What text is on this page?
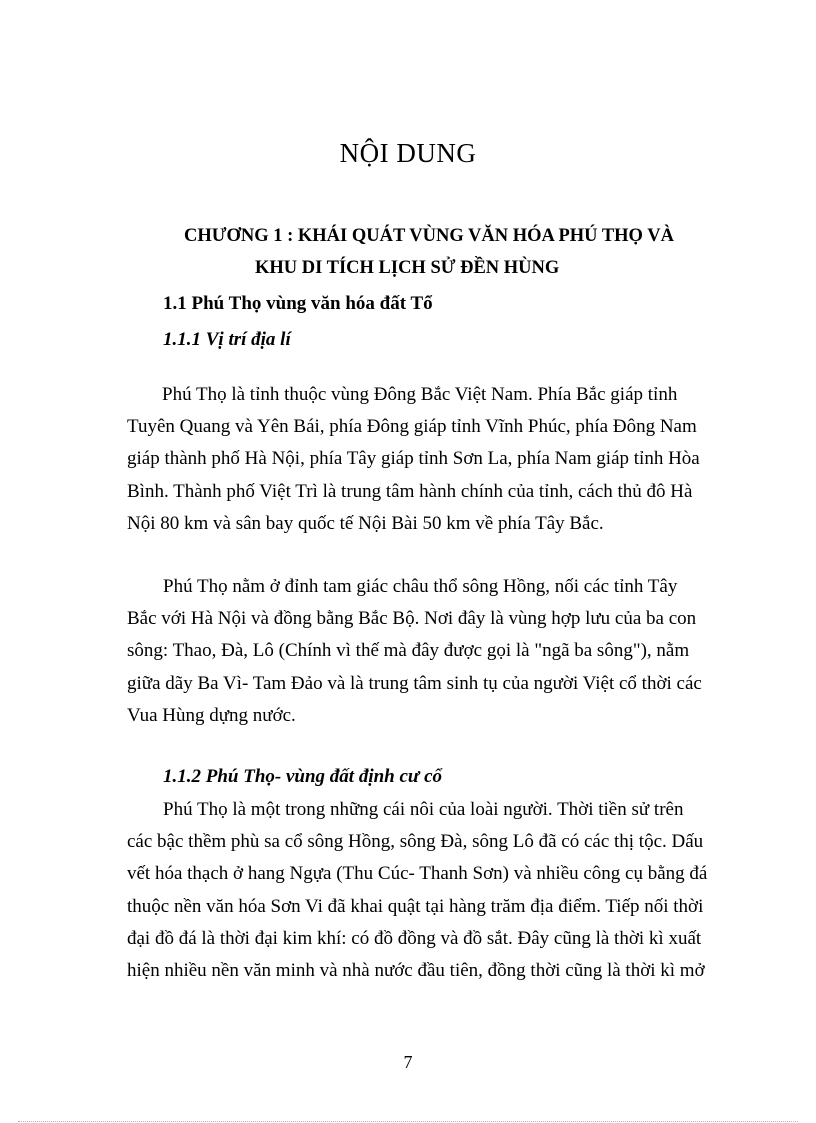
NỘI DUNG
CHƯƠNG 1 : KHÁI QUÁT VÙNG VĂN HÓA PHÚ THỌ VÀ
KHU DI TÍCH LỊCH SỬ ĐỀN HÙNG
1.1 Phú Thọ vùng văn hóa đất Tổ
1.1.1 Vị trí địa lí
Phú Thọ là tỉnh thuộc vùng Đông Bắc Việt Nam. Phía Bắc giáp tỉnh
Tuyên Quang và Yên Bái, phía Đông giáp tỉnh Vĩnh Phúc, phía Đông Nam
giáp thành phố Hà Nội, phía Tây giáp tỉnh Sơn La, phía Nam giáp tỉnh Hòa
Bình. Thành phố Việt Trì là trung tâm hành chính của tỉnh, cách thủ đô Hà
Nội 80 km và sân bay quốc tế Nội Bài 50 km về phía Tây Bắc.
Phú Thọ nằm ở đỉnh tam giác châu thổ sông Hồng, nối các tỉnh Tây
Bắc với Hà Nội và đồng bằng Bắc Bộ. Nơi đây là vùng hợp lưu của ba con
sông: Thao, Đà, Lô (Chính vì thế mà đây được gọi là "ngã ba sông"), nằm
giữa dãy Ba Vì- Tam Đảo và là trung tâm sinh tụ của người Việt cổ thời các
Vua Hùng dựng nước.
1.1.2 Phú Thọ- vùng đất định cư cổ
Phú Thọ là một trong những cái nôi của loài người. Thời tiền sử trên
các bậc thềm phù sa cổ sông Hồng, sông Đà, sông Lô đã có các thị tộc. Dấu
vết hóa thạch ở hang Ngựa (Thu Cúc- Thanh Sơn) và nhiều công cụ bằng đá
thuộc nền văn hóa Sơn Vi đã khai quật tại hàng trăm địa điểm. Tiếp nối thời
đại đồ đá là thời đại kim khí: có đồ đồng và đồ sắt. Đây cũng là thời kì xuất
hiện nhiều nền văn minh và nhà nước đầu tiên, đồng thời cũng là thời kì mở
7
